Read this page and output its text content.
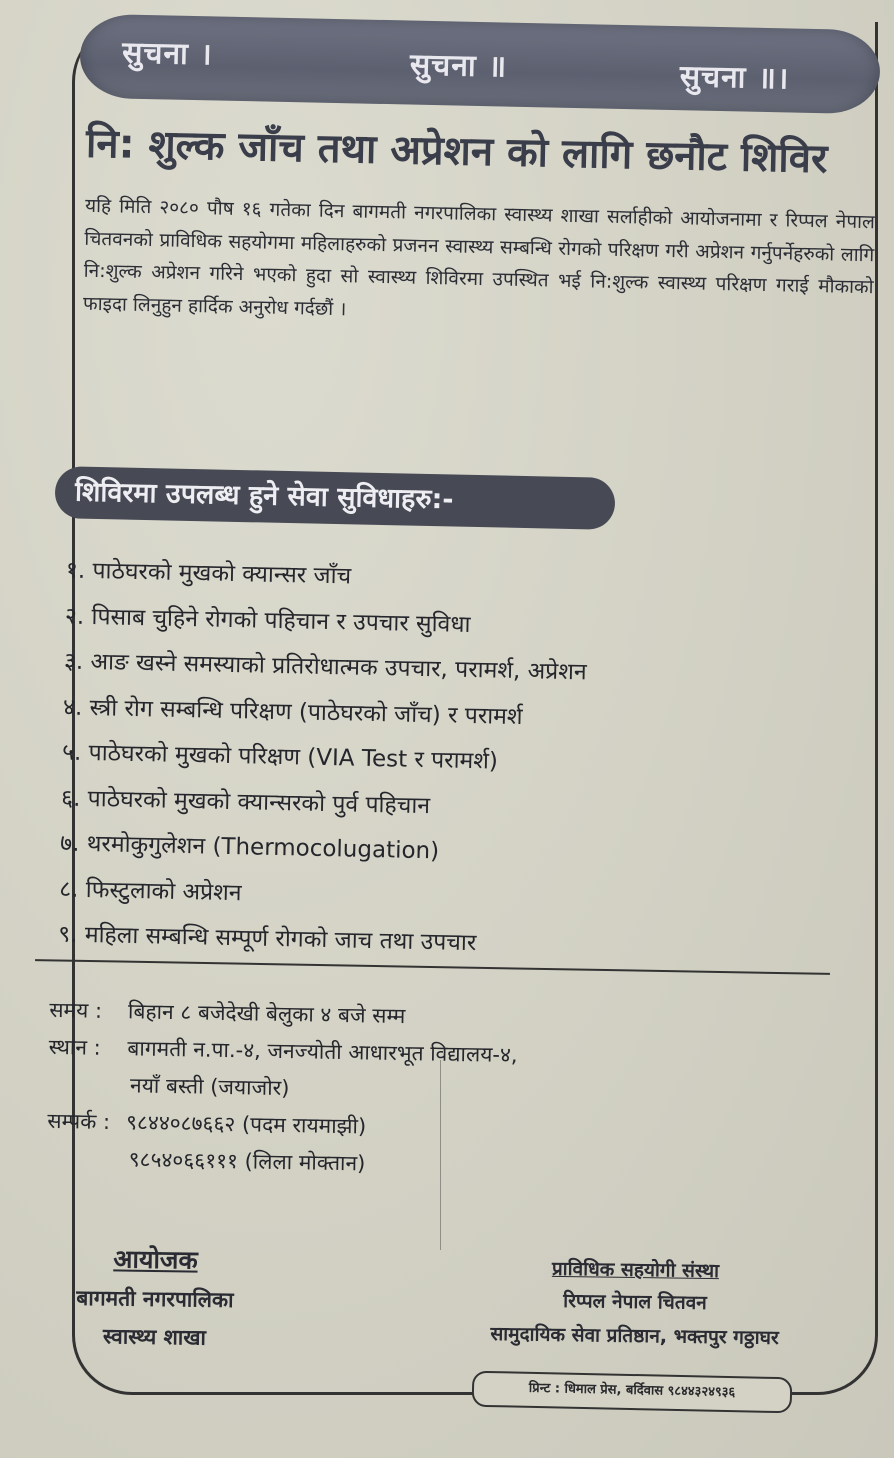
सुचना ।	सुचना ॥	सुचना ॥।
नि: शुल्क जाँच तथा अप्रेशन को लागि छनौट शिविर
यहि मिति २०८० पौष १६ गतेका दिन बागमती नगरपालिका स्वास्थ्य शाखा सर्लाहीको आयोजनामा र रिप्पल नेपाल चितवनको प्राविधिक सहयोगमा महिलाहरुको प्रजनन स्वास्थ्य सम्बन्धि रोगको परिक्षण गरी अप्रेशन गर्नुपर्नेहरुको लागि नि:शुल्क अप्रेशन गरिने भएको हुदा सो स्वास्थ्य शिविरमा उपस्थित भई नि:शुल्क स्वास्थ्य परिक्षण गराई मौकाको फाइदा लिनुहुन हार्दिक अनुरोध गर्दछौं ।
शिविरमा उपलब्ध हुने सेवा सुविधाहरु:-
१. पाठेघरको मुखको क्यान्सर जाँच
२. पिसाब चुहिने रोगको पहिचान र उपचार सुविधा
३. आङ खस्ने समस्याको प्रतिरोधात्मक उपचार, परामर्श, अप्रेशन
४. स्त्री रोग सम्बन्धि परिक्षण (पाठेघरको जाँच) र परामर्श
५. पाठेघरको मुखको परिक्षण (VIA Test र परामर्श)
६. पाठेघरको मुखको क्यान्सरको पुर्व पहिचान
७. थरमोकुगुलेशन (Thermocolugation)
८. फिस्टुलाको अप्रेशन
९. महिला सम्बन्धि सम्पूर्ण रोगको जाच तथा उपचार
समय : बिहान ८ बजेदेखी बेलुका ४ बजे सम्म
स्थान : बागमती न.पा.-४, जनज्योती आधारभूत विद्यालय-४,
नयाँ बस्ती (जयाजोर)
सम्पर्क : ९८४४०८७६६२ (पदम रायमाझी)
९८५४०६६१११ (लिला मोक्तान)
आयोजक
बागमती नगरपालिका
स्वास्थ्य शाखा
प्राविधिक सहयोगी संस्था
रिप्पल नेपाल चितवन
सामुदायिक सेवा प्रतिष्ठान, भक्तपुर गठ्ठाघर
प्रिन्ट : धिमाल प्रेस, बर्दिवास ९८४४३२४९३६
